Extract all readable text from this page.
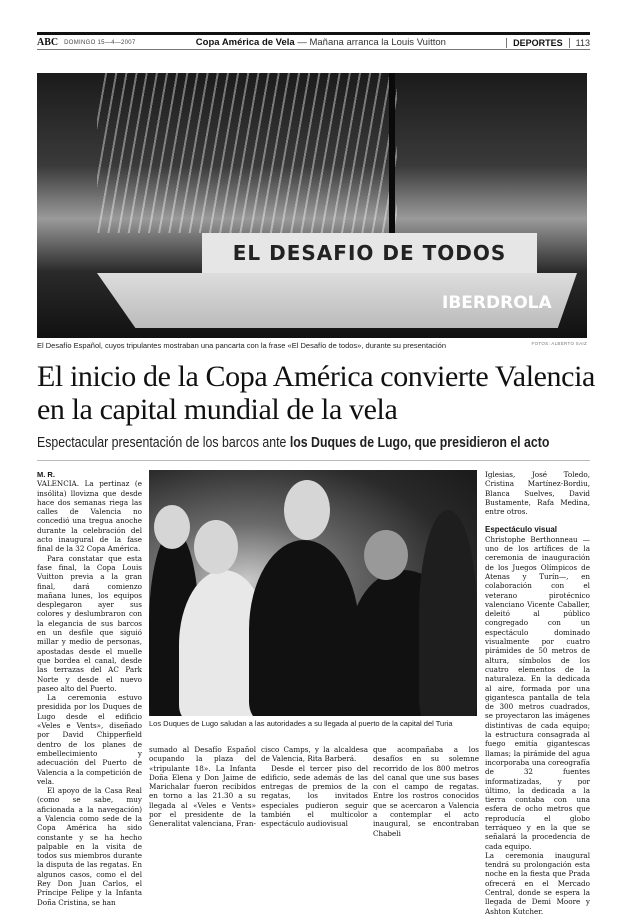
ABC DOMINGO 15—4—2007	Copa América de Vela — Mañana arranca la Louis Vuitton	DEPORTES	113
EL DESAFIO DE TODOS
IBERDROLA
El Desafío Español, cuyos tripulantes mostraban una pancarta con la frase «El Desafío de todos», durante su presentación	FOTOS: ALBERTO SAIZ
El inicio de la Copa América convierte Valencia en la capital mundial de la vela
Espectacular presentación de los barcos ante los Duques de Lugo, que presidieron el acto
M. R.

VALENCIA. La pertinaz (e insólita) llovizna que desde hace dos semanas riega las calles de Valencia no concedió una tregua anoche durante la celebración del acto inaugural de la fase final de la 32 Copa América.

Para constatar que esta fase final, la Copa Louis Vuitton previa a la gran final, dará comienzo mañana lunes, los equipos desplegaron ayer sus colores y deslumbraron con la elegancia de sus barcos en un desfile que siguió millar y medio de personas, apostadas desde el muelle que bordea el canal, desde las terrazas del AC Park Norte y desde el nuevo paseo alto del Puerto.

La ceremonia estuvo presidida por los Duques de Lugo desde el edificio «Veles e Vents», diseñado por David Chipperfield dentro de los planes de embellecimiento y adecuación del Puerto de Valencia a la competición de vela.

El apoyo de la Casa Real (como se sabe, muy aficionada a la navegación) a Valencia como sede de la Copa América ha sido constante y se ha hecho palpable en la visita de todos sus miembros durante la disputa de las regatas. En algunos casos, como el del Rey Don Juan Carlos, el Príncipe Felipe y la Infanta Doña Cristina, se han

Los Duques de Lugo saludan a las autoridades a su llegada al puerto de la capital del Turia

sumado al Desafío Español ocupando la plaza del «tripulante 18». La Infanta Doña Elena y Don Jaime de Marichalar fueron recibidos en torno a las 21.30 a su llegada al «Veles e Vents» por el presidente de la Generalitat valenciana, Fran-

cisco Camps, y la alcaldesa de Valencia, Rita Barberá.

Desde el tercer piso del edificio, sede además de las entregas de premios de la regatas, los invitados especiales pudieron seguir también el multicolor espectáculo audiovisual

que acompañaba a los desafíos en su solemne recorrido de los 800 metros del canal que une sus bases con el campo de regatas. Entre los rostros conocidos que se acercaron a Valencia a contemplar el acto inaugural, se encontraban Chabeli

Iglesias, José Toledo, Cristina Martínez-Bordiu, Blanca Suelves, David Bustamente, Rafa Medina, entre otros.

Espectáculo visual

Christophe Berthonneau —uno de los artífices de la ceremonia de inauguración de los Juegos Olímpicos de Atenas y Turín—, en colaboración con el veterano pirotécnico valenciano Vicente Caballer, deleitó al público congregado con un espectáculo dominado visualmente por cuatro pirámides de 50 metros de altura, símbolos de los cuatro elementos de la naturaleza. En la dedicada al aire, formada por una gigantesca pantalla de tela de 300 metros cuadrados, se proyectaron las imágenes distintivas de cada equipo; la estructura consagrada al fuego emitía gigantescas llamas; la pirámide del agua incorporaba una coreografía de 32 fuentes informatizadas, y por último, la dedicada a la tierra contaba con una esfera de ocho metros que reproducía el globo terráqueo y en la que se señalará la procedencia de cada equipo.

La ceremonia inaugural tendrá su prolongación esta noche en la fiesta que Prada ofrecerá en el Mercado Central, donde se espera la llegada de Demi Moore y Ashton Kutcher.
